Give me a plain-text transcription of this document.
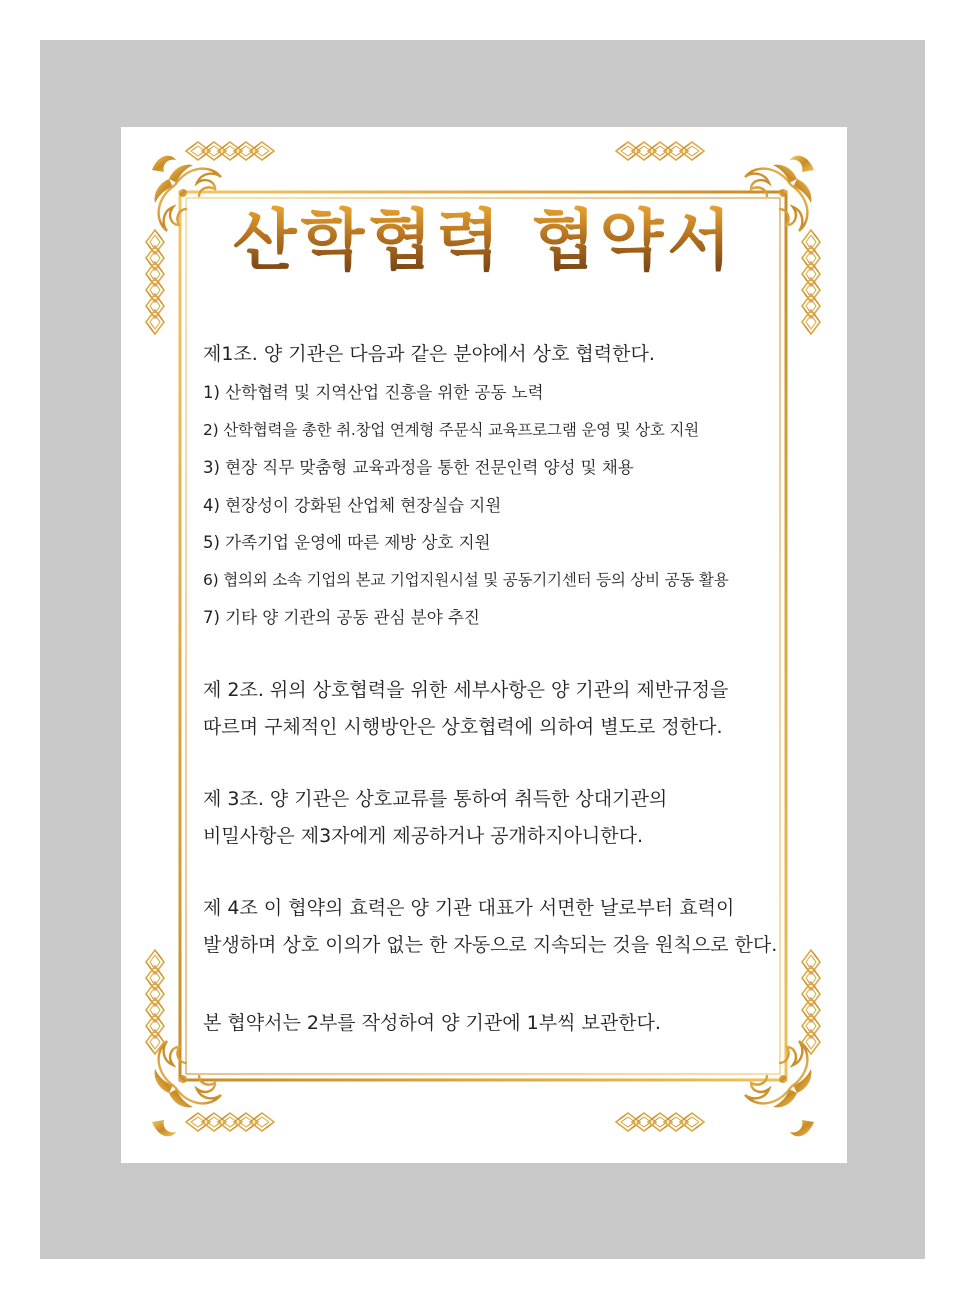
산학협력 협약서

제1조. 양 기관은 다음과 같은 분야에서 상호 협력한다.

1) 산학협력 및 지역산업 진흥을 위한 공동 노력
2) 산학협력을 총한 취.창업 연계형 주문식 교육프로그램 운영 및 상호 지원
3) 현장 직무 맞춤형 교육과정을 통한 전문인력 양성 및 채용
4) 현장성이 강화된 산업체 현장실습 지원
5) 가족기업 운영에 따른 제방 상호 지원
6) 협의외 소속 기업의 본교 기업지원시설 및 공동기기센터 등의 상비 공동 활용
7) 기타 양 기관의 공동 관심 분야 추진

제 2조. 위의 상호협력을 위한 세부사항은 양 기관의 제반규정을

따르며 구체적인 시행방안은 상호협력에 의하여 별도로 정한다.

제 3조. 양 기관은 상호교류를 통하여 취득한 상대기관의

비밀사항은 제3자에게 제공하거나 공개하지아니한다.

제 4조 이 협약의 효력은 양 기관 대표가 서면한 날로부터 효력이

발생하며 상호 이의가 없는 한 자동으로 지속되는 것을 원칙으로 한다.

본 협약서는 2부를 작성하여 양 기관에 1부씩 보관한다.
